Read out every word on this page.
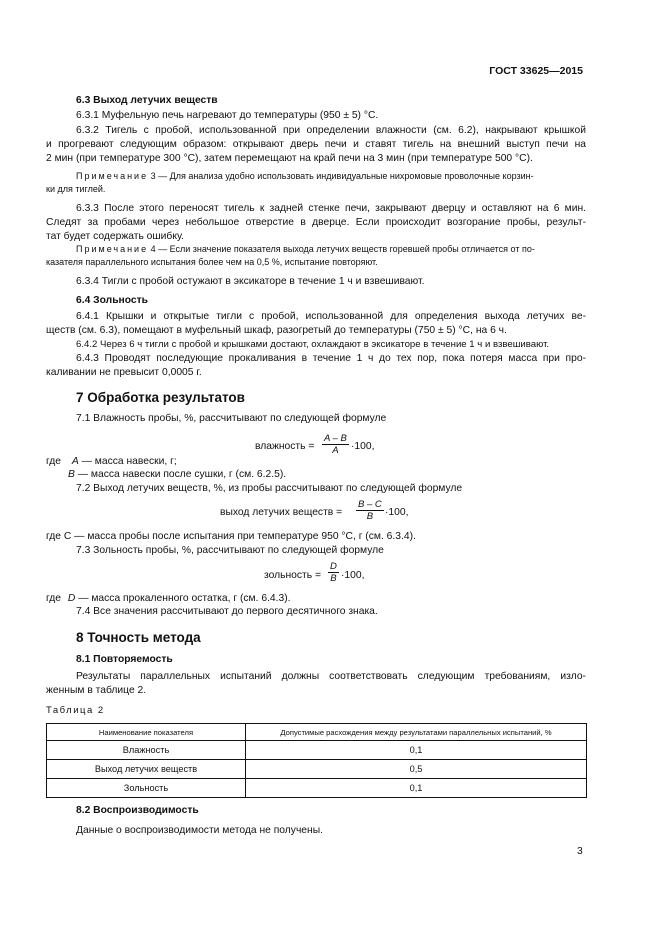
ГОСТ 33625—2015
6.3 Выход летучих веществ
6.3.1 Муфельную печь нагревают до температуры (950 ± 5) °С.
6.3.2 Тигель с пробой, использованной при определении влажности (см. 6.2), накрывают крышкой
и прогревают следующим образом: открывают дверь печи и ставят тигель на внешний выступ печи на
2 мин (при температуре 300 °С), затем перемещают на край печи на 3 мин (при температуре 500 °С).
Примечание 3 — Для анализа удобно использовать индивидуальные нихромовые проволочные корзин-
ки для тиглей.
6.3.3 После этого переносят тигель к задней стенке печи, закрывают дверцу и оставляют на 6 мин.
Следят за пробами через небольшое отверстие в дверце. Если происходит возгорание пробы, результ-
тат будет содержать ошибку.
Примечание 4 — Если значение показателя выхода летучих веществ горевшей пробы отличается от по-
казателя параллельного испытания более чем на 0,5 %, испытание повторяют.
6.3.4 Тигли с пробой остужают в эксикаторе в течение 1 ч и взвешивают.
6.4 Зольность
6.4.1 Крышки и открытые тигли с пробой, использованной для определения выхода летучих ве-
ществ (см. 6.3), помещают в муфельный шкаф, разогретый до температуры (750 ± 5) °С, на 6 ч.
6.4.2 Через 6 ч тигли с пробой и крышками достают, охлаждают в эксикаторе в течение 1 ч и взвешивают.
6.4.3 Проводят последующие прокаливания в течение 1 ч до тех пор, пока потеря масса при про-
каливании не превысит 0,0005 г.
7 Обработка результатов
7.1 Влажность пробы, %, рассчитывают по следующей формуле
влажность = $\frac{A - B}{A} \cdot 100$,
где A — масса навески, г;
B — масса навески после сушки, г (см. 6.2.5).
7.2 Выход летучих веществ, %, из пробы рассчитывают по следующей формуле
выход летучих веществ = $\frac{B - C}{B} \cdot 100$,
где С — масса пробы после испытания при температуре 950 °С, г (см. 6.3.4).
7.3 Зольность пробы, %, рассчитывают по следующей формуле
зольность = $\frac{D}{B} \cdot 100$,
где D — масса прокаленного остатка, г (см. 6.4.3).
7.4 Все значения рассчитывают до первого десятичного знака.
8 Точность метода
8.1 Повторяемость
Результаты параллельных испытаний должны соответствовать следующим требованиям, изло-
женным в таблице 2.
Таблица 2
Наименование показателя	Допустимые расхождения между результатами параллельных испытаний, %
Влажность	0,1
Выход летучих веществ	0,5
Зольность	0,1
8.2 Воспроизводимость
Данные о воспроизводимости метода не получены.
3
